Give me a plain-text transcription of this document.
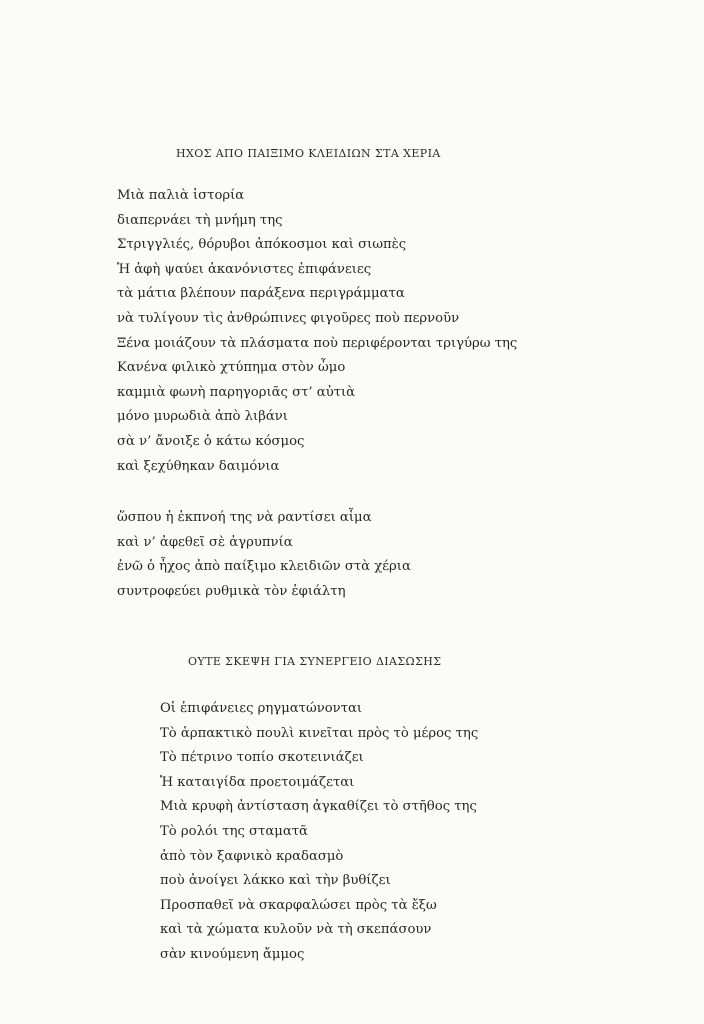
ΗΧΟΣ ΑΠΟ ΠΑΙΞΙΜΟ ΚΛΕΙΔΙΩΝ ΣΤΑ ΧΕΡΙΑ
Μιὰ παλιὰ ἱστορία
διαπερνάει τὴ μνήμη της
Στριγγλιές, θόρυβοι ἀπόκοσμοι καὶ σιωπὲς
Ἡ ἀφὴ ψαύει ἀκανόνιστες ἐπιφάνειες
τὰ μάτια βλέπουν παράξενα περιγράμματα
νὰ τυλίγουν τὶς ἀνθρώπινες φιγοῦρες ποὺ περνοῦν
Ξένα μοιάζουν τὰ πλάσματα ποὺ περιφέρονται τριγύρω της
Κανένα φιλικὸ χτύπημα στὸν ὦμο
καμμιὰ φωνὴ παρηγοριᾶς στ’ αὐτιὰ
μόνο μυρωδιὰ ἀπὸ λιβάνι
σὰ ν’ ἄνοιξε ὁ κάτω κόσμος
καὶ ξεχύθηκαν δαιμόνια
ὥσπου ἡ ἐκπνοή της νὰ ραντίσει αἷμα
καὶ ν’ ἀφεθεῖ σὲ ἀγρυπνία
ἐνῶ ὁ ἦχος ἀπὸ παίξιμο κλειδιῶν στὰ χέρια
συντροφεύει ρυθμικὰ τὸν ἐφιάλτη
ΟΥΤΕ ΣΚΕΨΗ ΓΙΑ ΣΥΝΕΡΓΕΙΟ ΔΙΑΣΩΣΗΣ
Οἱ ἐπιφάνειες ρηγματώνονται
Τὸ ἁρπακτικὸ πουλὶ κινεῖται πρὸς τὸ μέρος της
Τὸ πέτρινο τοπίο σκοτεινιάζει
Ἡ καταιγίδα προετοιμάζεται
Μιὰ κρυφὴ ἀντίσταση ἀγκαθίζει τὸ στῆθος της
Τὸ ρολόι της σταματᾶ
ἀπὸ τὸν ξαφνικὸ κραδασμὸ
ποὺ ἀνοίγει λάκκο καὶ τὴν βυθίζει
Προσπαθεῖ νὰ σκαρφαλώσει πρὸς τὰ ἔξω
καὶ τὰ χώματα κυλοῦν νὰ τὴ σκεπάσουν
σὰν κινούμενη ἄμμος
